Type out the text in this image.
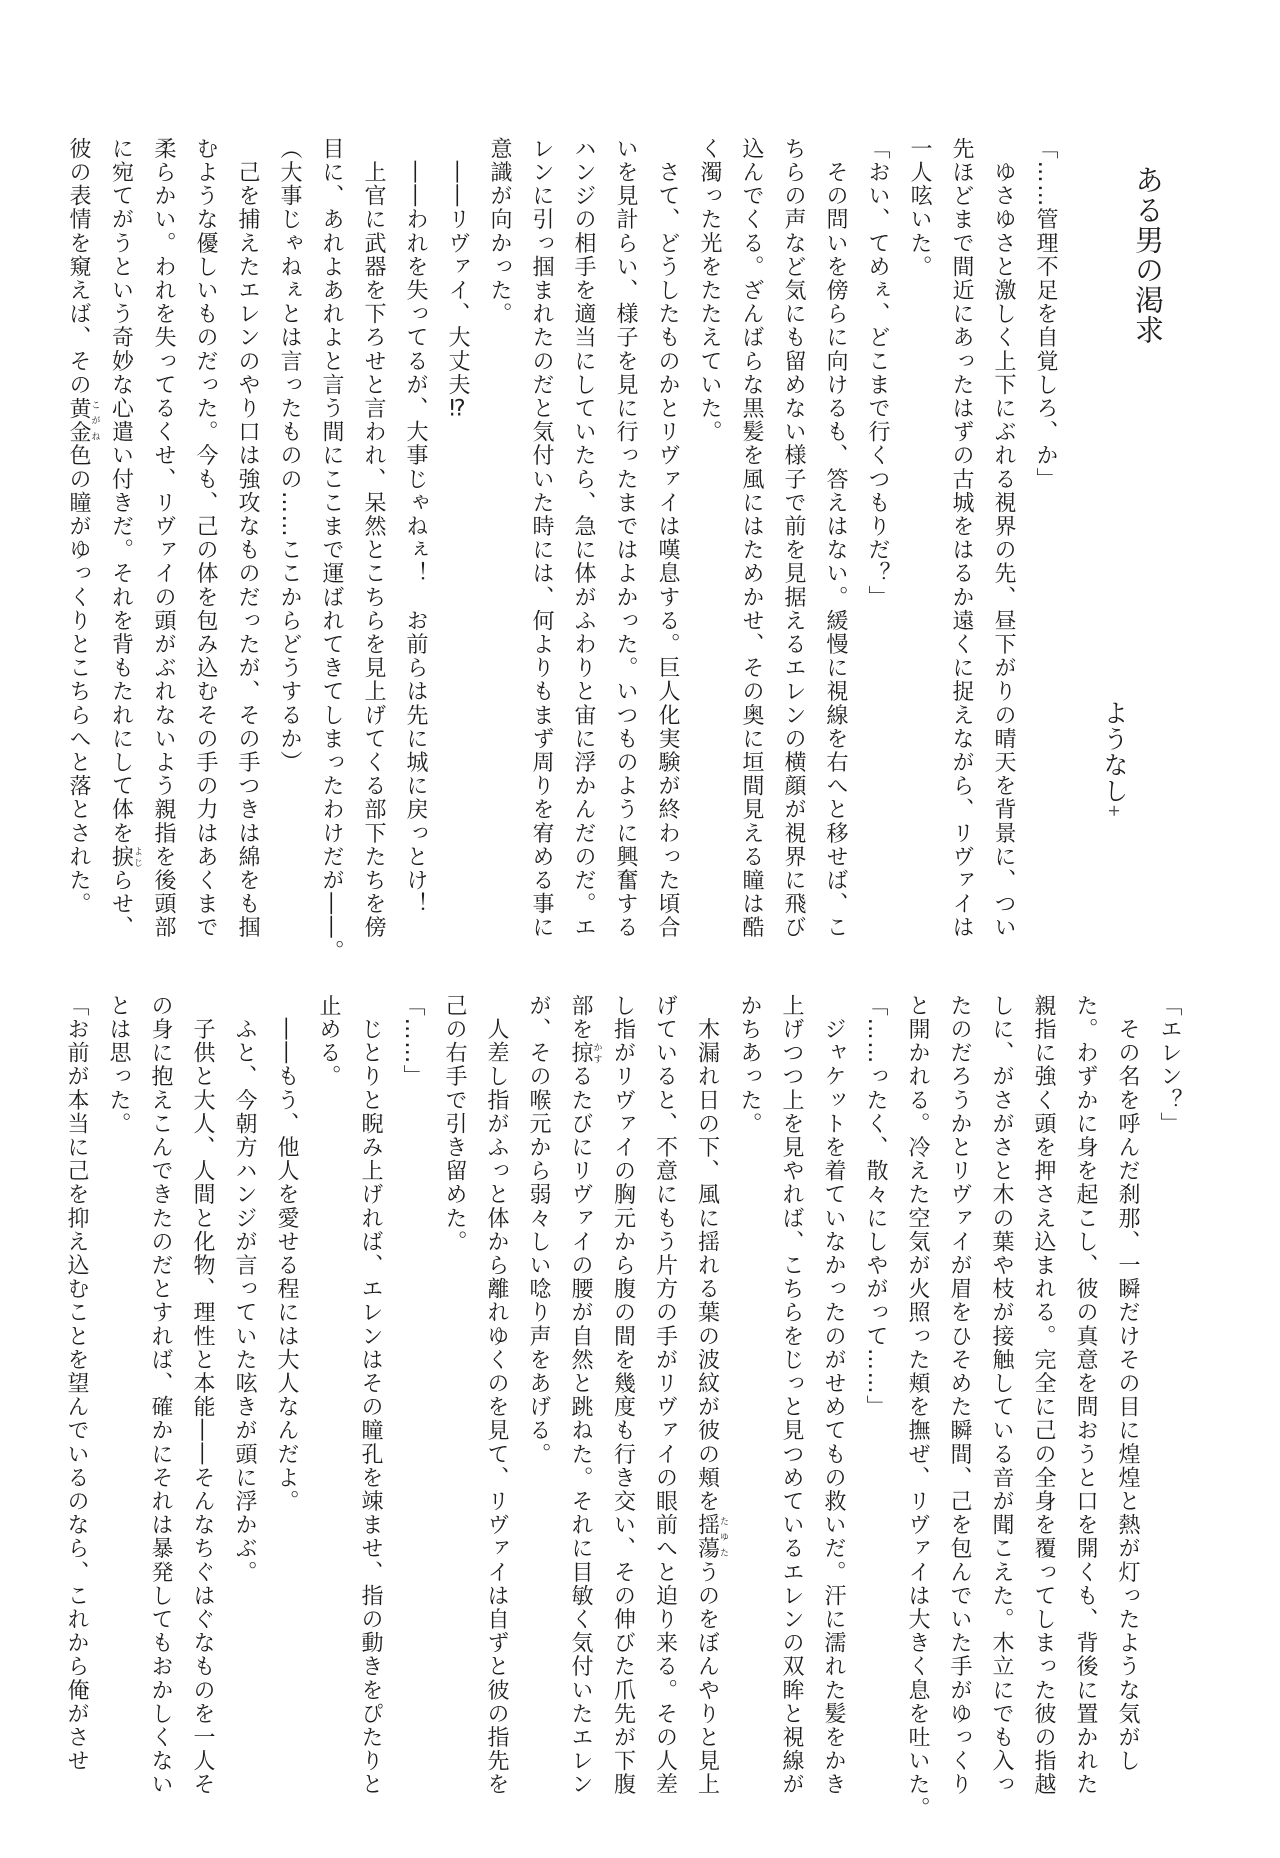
ある男の渇求
ようなし+
「……管理不足を自覚しろ、か」
　ゆさゆさと激しく上下にぶれる視界の先、昼下がりの晴天を背景に、つい
先ほどまで間近にあったはずの古城をはるか遠くに捉えながら、リヴァイは
一人呟いた。
「おい、てめぇ、どこまで行くつもりだ？」
　その問いを傍らに向けるも、答えはない。緩慢に視線を右へと移せば、こ
ちらの声など気にも留めない様子で前を見据えるエレンの横顔が視界に飛び
込んでくる。ざんばらな黒髪を風にはためかせ、その奥に垣間見える瞳は酷
く濁った光をたたえていた。
　さて、どうしたものかとリヴァイは嘆息する。巨人化実験が終わった頃合
いを見計らい、様子を見に行ったまではよかった。いつものように興奮する
ハンジの相手を適当にしていたら、急に体がふわりと宙に浮かんだのだ。エ
レンに引っ掴まれたのだと気付いた時には、何よりもまず周りを宥める事に
意識が向かった。
　――リヴァイ、大丈夫⁉
　――われを失ってるが、大事じゃねぇ！　お前らは先に城に戻っとけ！
　上官に武器を下ろせと言われ、呆然とこちらを見上げてくる部下たちを傍
目に、あれよあれよと言う間にここまで運ばれてきてしまったわけだが――。
（大事じゃねぇとは言ったものの……ここからどうするか）
　己を捕えたエレンのやり口は強攻なものだったが、その手つきは綿をも掴
むような優しいものだった。今も、己の体を包み込むその手の力はあくまで
柔らかい。われを失ってるくせ、リヴァイの頭がぶれないよう親指を後頭部
に宛てがうという奇妙な心遣い付きだ。それを背もたれにして体を捩よじらせ、
彼の表情を窺えば、その黄金こがね色の瞳がゆっくりとこちらへと落とされた。
「エレン？」
　その名を呼んだ刹那、一瞬だけその目に煌煌と熱が灯ったような気がし
た。わずかに身を起こし、彼の真意を問おうと口を開くも、背後に置かれた
親指に強く頭を押さえ込まれる。完全に己の全身を覆ってしまった彼の指越
しに、がさがさと木の葉や枝が接触している音が聞こえた。木立にでも入っ
たのだろうかとリヴァイが眉をひそめた瞬間、己を包んでいた手がゆっくり
と開かれる。冷えた空気が火照った頬を撫ぜ、リヴァイは大きく息を吐いた。
「……ったく、散々にしやがって……」
　ジャケットを着ていなかったのがせめてもの救いだ。汗に濡れた髪をかき
上げつつ上を見やれば、こちらをじっと見つめているエレンの双眸と視線が
かちあった。
　木漏れ日の下、風に揺れる葉の波紋が彼の頬を揺蕩たゆたうのをぼんやりと見上
げていると、不意にもう片方の手がリヴァイの眼前へと迫り来る。その人差
し指がリヴァイの胸元から腹の間を幾度も行き交い、その伸びた爪先が下腹
部を掠かするたびにリヴァイの腰が自然と跳ねた。それに目敏く気付いたエレン
が、その喉元から弱々しい唸り声をあげる。
　人差し指がふっと体から離れゆくのを見て、リヴァイは自ずと彼の指先を
己の右手で引き留めた。
「……」
　じとりと睨み上げれば、エレンはその瞳孔を竦ませ、指の動きをぴたりと
止める。
　――もう、他人を愛せる程には大人なんだよ。
　ふと、今朝方ハンジが言っていた呟きが頭に浮かぶ。
　子供と大人、人間と化物、理性と本能――そんなちぐはぐなものを一人そ
の身に抱えこんできたのだとすれば、確かにそれは暴発してもおかしくない
とは思った。
「お前が本当に己を抑え込むことを望んでいるのなら、これから俺がさせ
